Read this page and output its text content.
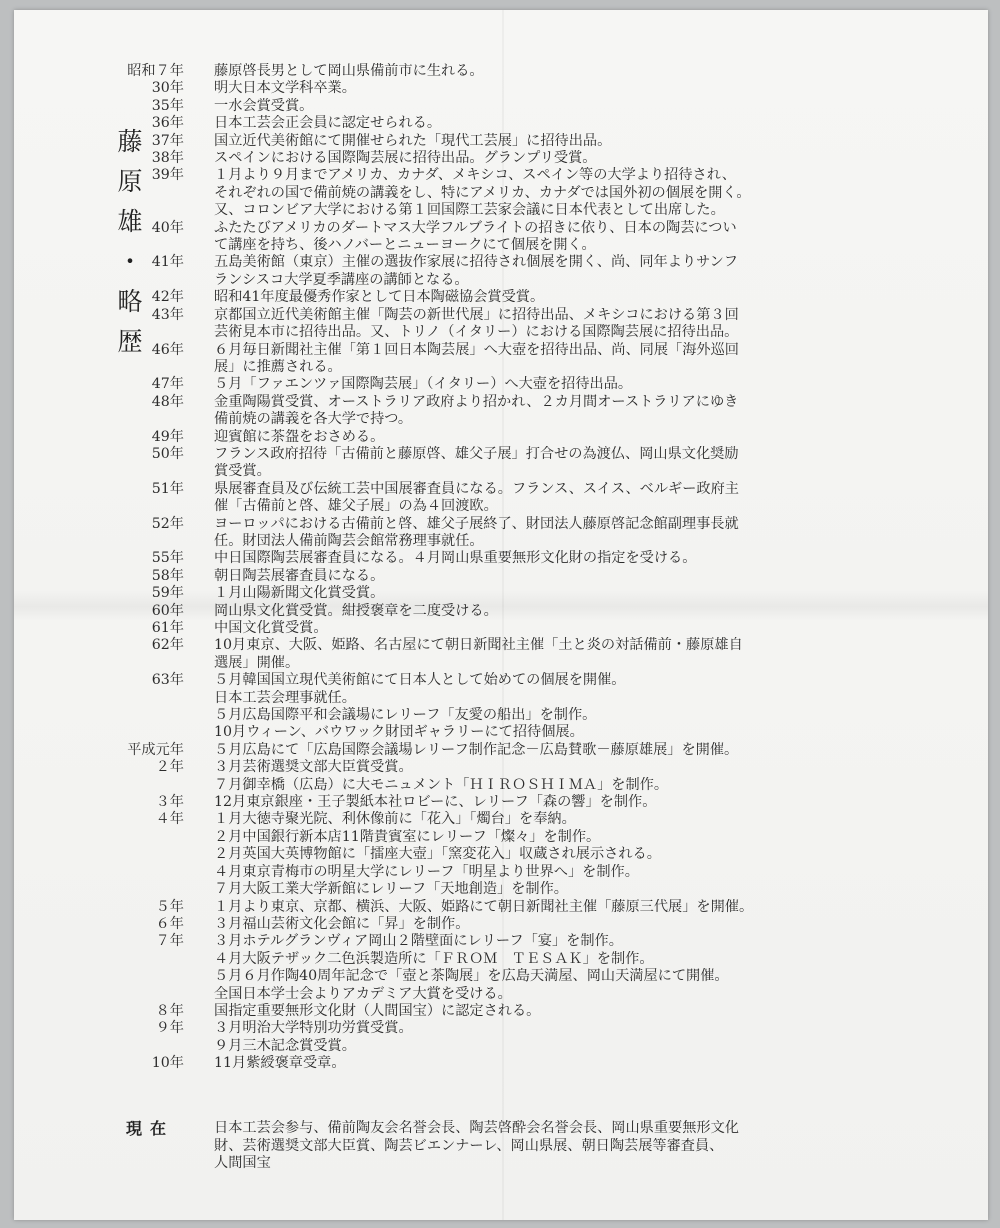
藤
原
雄
・
略
歴
昭和７年	藤原啓長男として岡山県備前市に生れる。
30年	明大日本文学科卒業。
35年	一水会賞受賞。
36年	日本工芸会正会員に認定せられる。
37年	国立近代美術館にて開催せられた「現代工芸展」に招待出品。
38年	スペインにおける国際陶芸展に招待出品。グランプリ受賞。
39年	１月より９月までアメリカ、カナダ、メキシコ、スペイン等の大学より招待され、
それぞれの国で備前焼の講義をし、特にアメリカ、カナダでは国外初の個展を開く。
又、コロンビア大学における第１回国際工芸家会議に日本代表として出席した。
40年	ふたたびアメリカのダートマス大学フルブライトの招きに依り、日本の陶芸につい
て講座を持ち、後ハノバーとニューヨークにて個展を開く。
41年	五島美術館（東京）主催の選抜作家展に招待され個展を開く、尚、同年よりサンフ
ランシスコ大学夏季講座の講師となる。
42年	昭和41年度最優秀作家として日本陶磁協会賞受賞。
43年	京都国立近代美術館主催「陶芸の新世代展」に招待出品、メキシコにおける第３回
芸術見本市に招待出品。又、トリノ（イタリー）における国際陶芸展に招待出品。
46年	６月毎日新聞社主催「第１回日本陶芸展」へ大壺を招待出品、尚、同展「海外巡回
展」に推薦される。
47年	５月「ファエンツァ国際陶芸展」（イタリー）へ大壺を招待出品。
48年	金重陶陽賞受賞、オーストラリア政府より招かれ、２カ月間オーストラリアにゆき
備前焼の講義を各大学で持つ。
49年	迎賓館に茶盌をおさめる。
50年	フランス政府招待「古備前と藤原啓、雄父子展」打合せの為渡仏、岡山県文化奨励
賞受賞。
51年	県展審査員及び伝統工芸中国展審査員になる。フランス、スイス、ベルギー政府主
催「古備前と啓、雄父子展」の為４回渡欧。
52年	ヨーロッパにおける古備前と啓、雄父子展終了、財団法人藤原啓記念館副理事長就
任。財団法人備前陶芸会館常務理事就任。
55年	中日国際陶芸展審査員になる。４月岡山県重要無形文化財の指定を受ける。
58年	朝日陶芸展審査員になる。
59年	１月山陽新聞文化賞受賞。
60年	岡山県文化賞受賞。紺授褒章を二度受ける。
61年	中国文化賞受賞。
62年	10月東京、大阪、姫路、名古屋にて朝日新聞社主催「土と炎の対話備前・藤原雄自
選展」開催。
63年	５月韓国国立現代美術館にて日本人として始めての個展を開催。
日本工芸会理事就任。
５月広島国際平和会議場にレリーフ「友愛の船出」を制作。
10月ウィーン、バウワック財団ギャラリーにて招待個展。
平成元年	５月広島にて「広島国際会議場レリーフ制作記念－広島賛歌－藤原雄展」を開催。
２年	３月芸術選奨文部大臣賞受賞。
７月御幸橋（広島）に大モニュメント「ＨＩＲＯＳＨＩＭＡ」を制作。
３年	12月東京銀座・王子製紙本社ロビーに、レリーフ「森の響」を制作。
４年	１月大徳寺聚光院、利休像前に「花入」「燭台」を奉納。
２月中国銀行新本店11階貴賓室にレリーフ「燦々」を制作。
２月英国大英博物館に「擂座大壺」「窯変花入」収蔵され展示される。
４月東京青梅市の明星大学にレリーフ「明星より世界へ」を制作。
７月大阪工業大学新館にレリーフ「天地創造」を制作。
５年	１月より東京、京都、横浜、大阪、姫路にて朝日新聞社主催「藤原三代展」を開催。
６年	３月福山芸術文化会館に「昇」を制作。
７年	３月ホテルグランヴィア岡山２階壁面にレリーフ「宴」を制作。
４月大阪テザック二色浜製造所に「ＦＲＯＭ　ＴＥＳＡＫ」を制作。
５月６月作陶40周年記念で「壺と茶陶展」を広島天満屋、岡山天満屋にて開催。
全国日本学士会よりアカデミア大賞を受ける。
８年	国指定重要無形文化財（人間国宝）に認定される。
９年	３月明治大学特別功労賞受賞。
９月三木記念賞受賞。
10年	11月紫綬褒章受章。
現在	日本工芸会参与、備前陶友会名誉会長、陶芸啓酔会名誉会長、岡山県重要無形文化
財、芸術選奨文部大臣賞、陶芸ビエンナーレ、岡山県展、朝日陶芸展等審査員、
人間国宝
